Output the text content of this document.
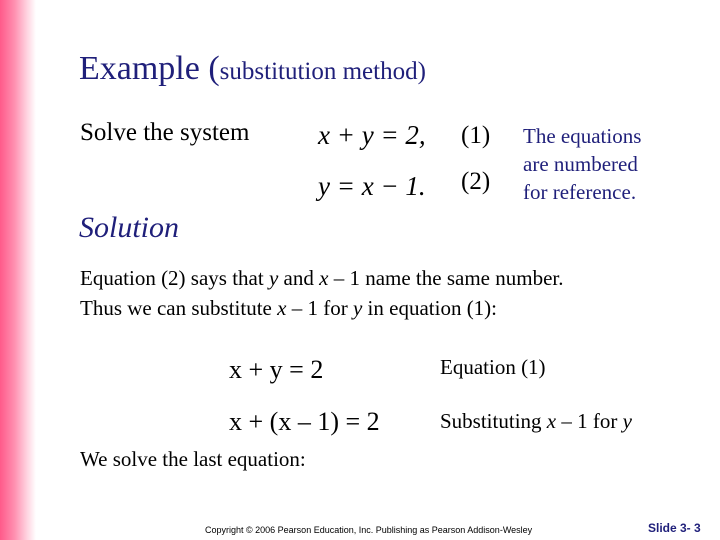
Example (substitution method)
Solve the system	x + y = 2, (1)
y = x − 1. (2)
The equations
are numbered
for reference.
Solution
Equation (2) says that y and x – 1 name the same number.
Thus we can substitute x – 1 for y in equation (1):
x + y = 2	Equation (1)
x + (x – 1) = 2	Substituting x – 1 for y
We solve the last equation:
Copyright © 2006 Pearson Education, Inc. Publishing as Pearson Addison-Wesley	Slide 3- 3
